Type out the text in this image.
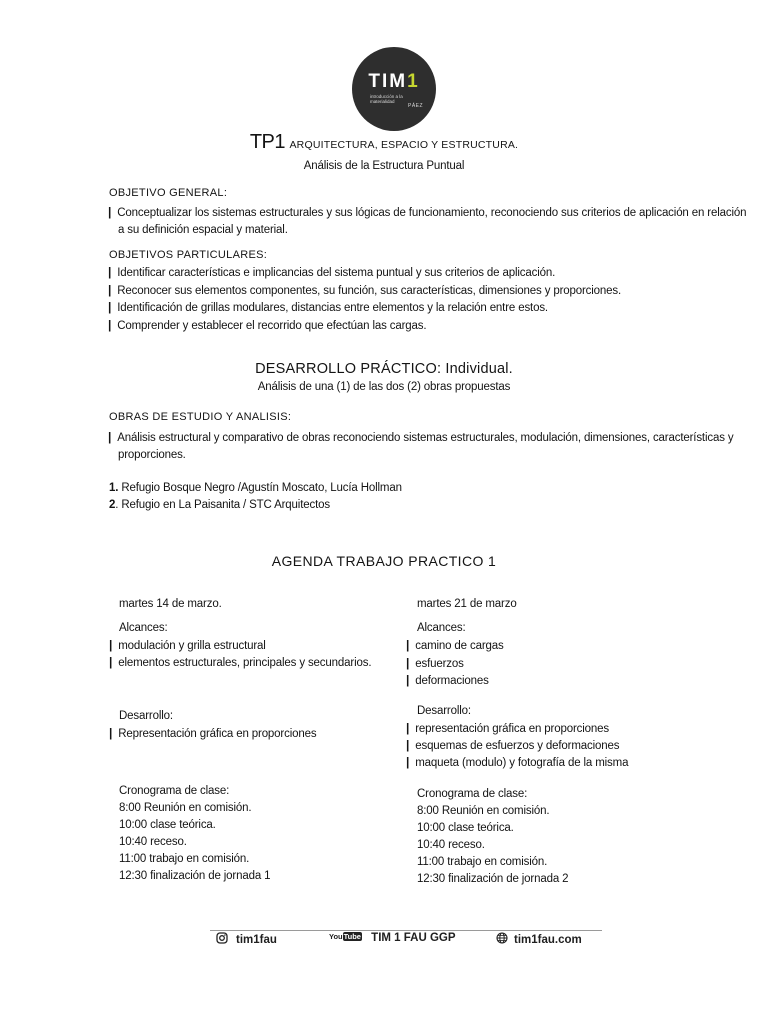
TIM1
introducción a la materialidad
PÁEZ
TP1 ARQUITECTURA, ESPACIO Y ESTRUCTURA.
Análisis de la Estructura Puntual
OBJETIVO GENERAL:
| Conceptualizar los sistemas estructurales y sus lógicas de funcionamiento, reconociendo sus criterios de aplicación en relación
a su definición espacial y material.
OBJETIVOS PARTICULARES:
| Identificar características e implicancias del sistema puntual y sus criterios de aplicación.
| Reconocer sus elementos componentes, su función, sus características, dimensiones y proporciones.
| Identificación de grillas modulares, distancias entre elementos y la relación entre estos.
| Comprender y establecer el recorrido que efectúan las cargas.
DESARROLLO PRÁCTICO: Individual.
Análisis de una (1) de las dos (2) obras propuestas
OBRAS DE ESTUDIO Y ANALISIS:
| Análisis estructural y comparativo de obras reconociendo sistemas estructurales, modulación, dimensiones, características y
proporciones.
1. Refugio Bosque Negro /Agustín Moscato, Lucía Hollman
2. Refugio en La Paisanita / STC Arquitectos
AGENDA TRABAJO PRACTICO 1
martes 14 de marzo.
Alcances:
| modulación y grilla estructural
| elementos estructurales, principales y secundarios.
Desarrollo:
| Representación gráfica en proporciones
Cronograma de clase:
8:00 Reunión en comisión.
10:00 clase teórica.
10:40 receso.
11:00 trabajo en comisión.
12:30 finalización de jornada 1
martes 21 de marzo
Alcances:
| camino de cargas
| esfuerzos
| deformaciones
Desarrollo:
| representación gráfica en proporciones
| esquemas de esfuerzos y deformaciones
| maqueta (modulo) y fotografía de la misma
Cronograma de clase:
8:00 Reunión en comisión.
10:00 clase teórica.
10:40 receso.
11:00 trabajo en comisión.
12:30 finalización de jornada 2
tim1fau	YouTube TIM 1 FAU GGP	tim1fau.com
